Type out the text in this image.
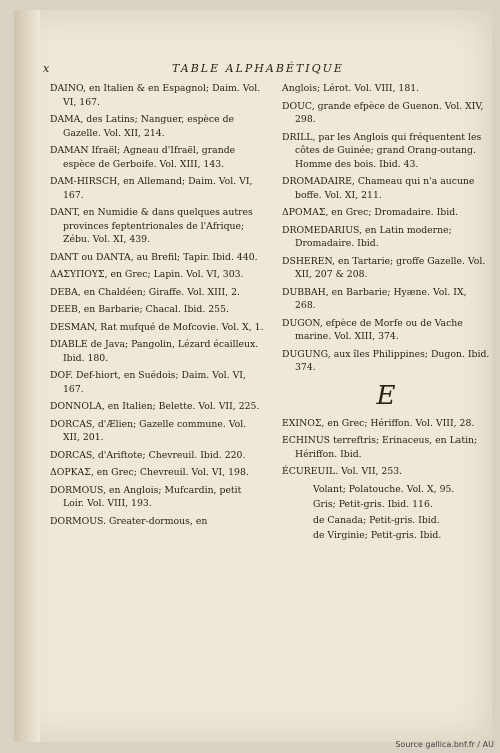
x	TABLE ALPHABÉTIQUE

DAINO, en Italien & en Espagnol; Daim. Vol. VI, 167.

DAMA, des Latins; Nanguer, espèce de Gazelle. Vol. XII, 214.

DAMAN Ifraël; Agneau d'Ifraël, grande espèce de Gerboife. Vol. XIII, 143.

DAM-HIRSCH, en Allemand; Daim. Vol. VI, 167.

DANT, en Numidie & dans quelques autres provinces feptentrionales de l'Afrique; Zébu. Vol. XI, 439.

DANT ou DANTA, au Brefil; Tapir. Ibid. 440.

ΔΑΣΥΠΟΥΣ, en Grec; Lapin. Vol. VI, 303.

DEBA, en Chaldéen; Giraffe. Vol. XIII, 2.

DEEB, en Barbarie; Chacal. Ibid. 255.

DESMAN, Rat mufqué de Mofcovie. Vol. X, 1.

DIABLE de Java; Pangolin, Lézard écailleux. Ibid. 180.

DOF. Def-hiort, en Suédois; Daim. Vol. VI, 167.

DONNOLA, en Italien; Belette. Vol. VII, 225.

DORCAS, d'Ælien; Gazelle commune. Vol. XII, 201.

DORCAS, d'Ariftote; Chevreuil. Ibid. 220.

ΔΟΡΚΑΣ, en Grec; Chevreuil. Vol. VI, 198.

DORMOUS, en Anglois; Mufcardin, petit Loir. Vol. VIII, 193.

DORMOUS. Greater-dormous, en

Anglois; Lérot. Vol. VIII, 181.

DOUC, grande efpèce de Guenon. Vol. XIV, 298.

DRILL, par les Anglois qui fréquentent les côtes de Guinée; grand Orang-outang. Homme des bois. Ibid. 43.

DROMADAIRE, Chameau qui n'a aucune boffe. Vol. XI, 211.

ΔΡΟΜΑΣ, en Grec; Dromadaire. Ibid.

DROMEDARIUS, en Latin moderne; Dromadaire. Ibid.

DSHEREN, en Tartarie; groffe Gazelle. Vol. XII, 207 & 208.

DUBBAH, en Barbarie; Hyæne. Vol. IX, 268.

DUGON, efpèce de Morfe ou de Vache marine. Vol. XIII, 374.

DUGUNG, aux îles Philippines; Dugon. Ibid. 374.

E

EXINOΣ, en Grec; Hériffon. Vol. VIII, 28.

ECHINUS terreftris; Erinaceus, en Latin; Hériffon. Ibid.

ÉCUREUIL. Vol. VII, 253.

Volant; Polatouche. Vol. X, 95.

Gris; Petit-gris. Ibid. 116.

de Canada; Petit-gris. Ibid.

de Virginie; Petit-gris. Ibid.

Source gallica.bnf.fr / AU
